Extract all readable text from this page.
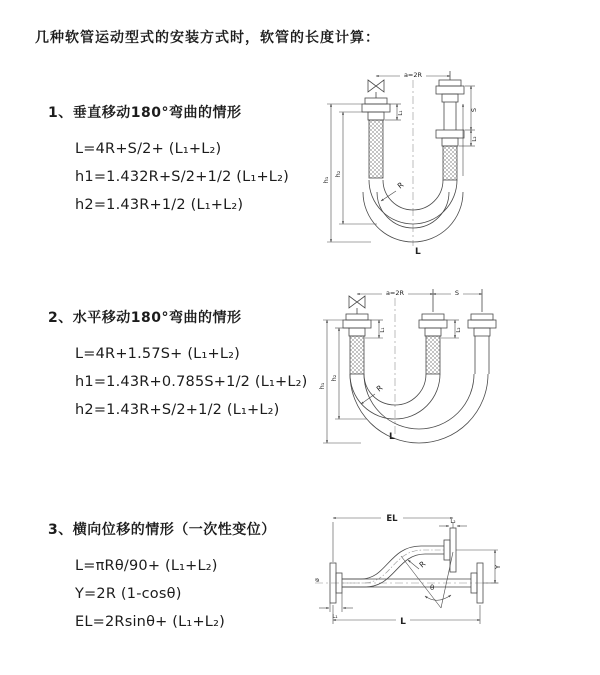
几种软管运动型式的安装方式时，软管的长度计算：
1、垂直移动180°弯曲的情形
L=4R+S/2+ (L₁+L₂)
h1=1.432R+S/2+1/2 (L₁+L₂)
h2=1.43R+1/2 (L₁+L₂)
2、水平移动180°弯曲的情形
L=4R+1.57S+ (L₁+L₂)
h1=1.43R+0.785S+1/2 (L₁+L₂)
h2=1.43R+S/2+1/2 (L₁+L₂)
3、横向位移的情形（一次性变位）
L=πRθ/90+ (L₁+L₂)
Y=2R (1-cosθ)
EL=2Rsinθ+ (L₁+L₂)
a=2R
S
L₂
h₁
h₂
L₁
R
L
a=2R	S
h₁
h₂
L₁	L₂
R
L
ø
EL	L₂
Y
R
θ
L₁	L
